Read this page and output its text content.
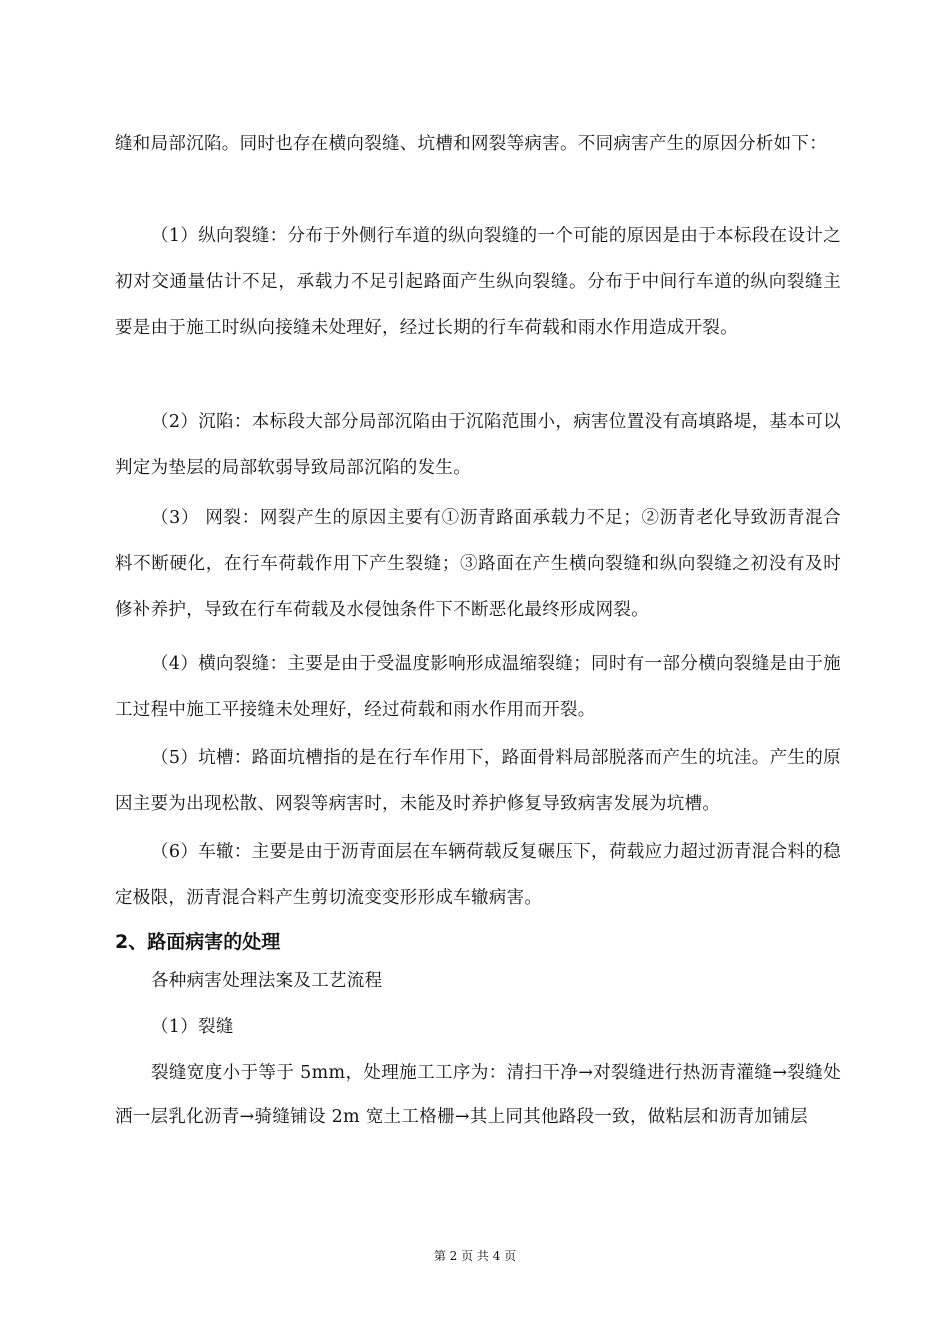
缝和局部沉陷。同时也存在横向裂缝、坑槽和网裂等病害。不同病害产生的原因分析如下：

（1）纵向裂缝：分布于外侧行车道的纵向裂缝的一个可能的原因是由于本标段在设计之初对交通量估计不足，承载力不足引起路面产生纵向裂缝。分布于中间行车道的纵向裂缝主要是由于施工时纵向接缝未处理好，经过长期的行车荷载和雨水作用造成开裂。

（2）沉陷：本标段大部分局部沉陷由于沉陷范围小，病害位置没有高填路堤，基本可以判定为垫层的局部软弱导致局部沉陷的发生。

（3） 网裂：网裂产生的原因主要有①沥青路面承载力不足；②沥青老化导致沥青混合料不断硬化，在行车荷载作用下产生裂缝；③路面在产生横向裂缝和纵向裂缝之初没有及时修补养护，导致在行车荷载及水侵蚀条件下不断恶化最终形成网裂。

（4）横向裂缝：主要是由于受温度影响形成温缩裂缝；同时有一部分横向裂缝是由于施工过程中施工平接缝未处理好，经过荷载和雨水作用而开裂。

（5）坑槽：路面坑槽指的是在行车作用下，路面骨料局部脱落而产生的坑洼。产生的原因主要为出现松散、网裂等病害时，未能及时养护修复导致病害发展为坑槽。

（6）车辙：主要是由于沥青面层在车辆荷载反复碾压下，荷载应力超过沥青混合料的稳定极限，沥青混合料产生剪切流变变形形成车辙病害。

2、路面病害的处理

各种病害处理法案及工艺流程

（1）裂缝

裂缝宽度小于等于 5mm，处理施工工序为：清扫干净→对裂缝进行热沥青灌缝→裂缝处洒一层乳化沥青→骑缝铺设 2m 宽土工格栅→其上同其他路段一致，做粘层和沥青加铺层

第 2 页 共 4 页
